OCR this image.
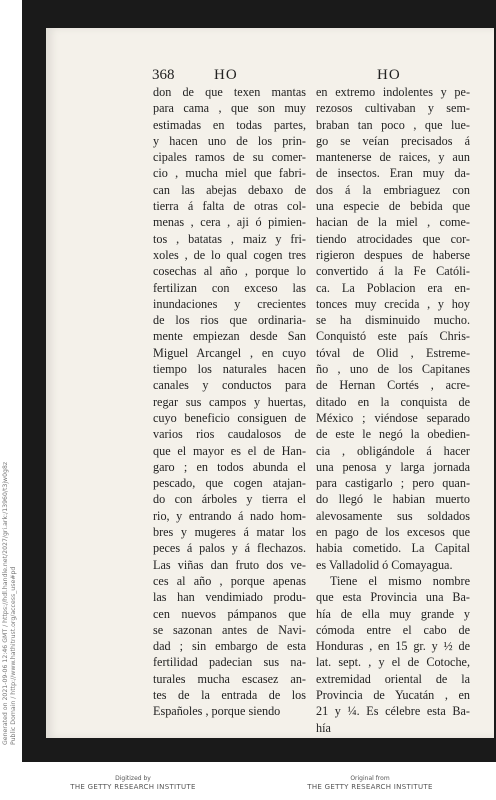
Generated on 2021-09-06 12:46 GMT / https://hdl.handle.net/2027/gri.ark:/13960/t3jw0g8z Public Domain / http://www.hathitrust.org/access_use#pd
368	HO	HO
don de que texen mantas
para cama , que son muy
estimadas en todas partes,
y hacen uno de los prin-
cipales ramos de su comer-
cio , mucha miel que fabri-
can las abejas debaxo de
tierra á falta de otras col-
menas , cera , aji ó pimien-
tos , batatas , maiz y fri-
xoles , de lo qual cogen tres
cosechas al año , porque lo
fertilizan con exceso las
inundaciones y crecientes
de los rios que ordinaria-
mente empiezan desde San
Miguel Arcangel , en cuyo
tiempo los naturales hacen
canales y conductos para
regar sus campos y huertas,
cuyo beneficio consiguen de
varios rios caudalosos de
que el mayor es el de Han-
garo ; en todos abunda el
pescado, que cogen atajan-
do con árboles y tierra el
rio, y entrando á nado hom-
bres y mugeres á matar los
peces á palos y á flechazos.
Las viñas dan fruto dos ve-
ces al año , porque apenas
las han vendimiado produ-
cen nuevos pámpanos que
se sazonan antes de Navi-
dad ; sin embargo de esta
fertilidad padecian sus na-
turales mucha escasez an-
tes de la entrada de los
Españoles , porque siendo
en extremo indolentes y pe-
rezosos cultivaban y sem-
braban tan poco , que lue-
go se veían precisados á
mantenerse de raices, y aun
de insectos. Eran muy da-
dos á la embriaguez con
una especie de bebida que
hacian de la miel , come-
tiendo atrocidades que cor-
rigieron despues de haberse
convertido á la Fe Católi-
ca. La Poblacion era en-
tonces muy crecida , y hoy
se ha disminuido mucho.
Conquistó este país Chris-
tóval de Olid , Estreme-
ño , uno de los Capitanes
de Hernan Cortés , acre-
ditado en la conquista de
México ; viéndose separado
de este le negó la obedien-
cia , obligándole á hacer
una penosa y larga jornada
para castigarlo ; pero quan-
do llegó le habian muerto
alevosamente sus soldados
en pago de los excesos que
habia cometido. La Capital
es Valladolid ó Comayagua.
Tiene el mismo nombre
que esta Provincia una Ba-
hía de ella muy grande y
cómoda entre el cabo de
Honduras , en 15 gr. y ½ de
lat. sept. , y el de Cotoche,
extremidad oriental de la
Provincia de Yucatán , en
21 y ¼. Es célebre esta Ba-
hía
Digitized by
THE GETTY RESEARCH INSTITUTE
Original from
THE GETTY RESEARCH INSTITUTE
